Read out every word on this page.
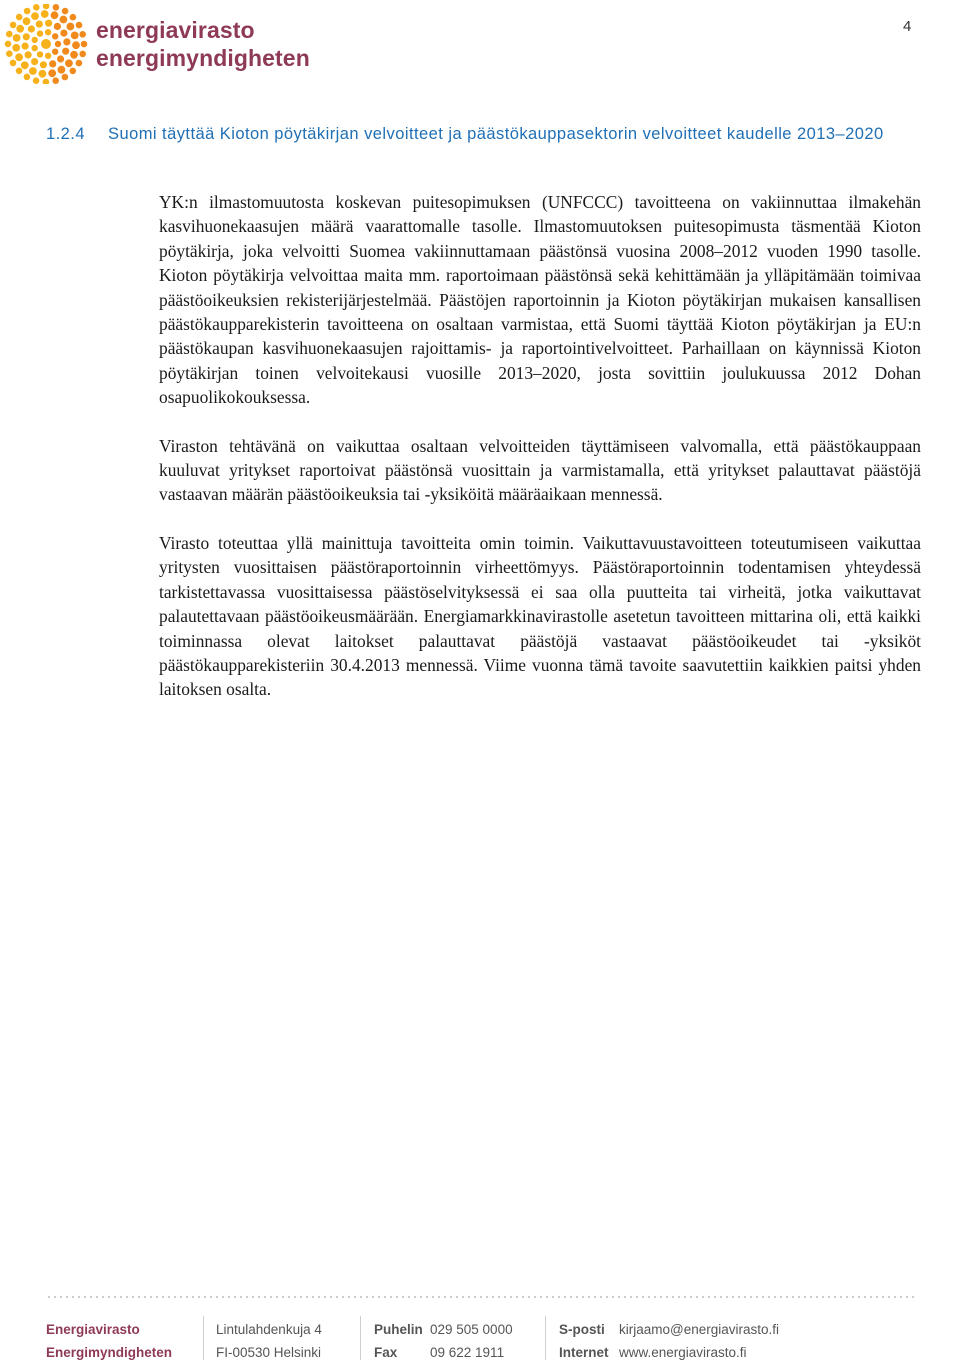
energiavirasto
energimyndigheten
4
1.2.4 Suomi täyttää Kioton pöytäkirjan velvoitteet ja päästökauppasektorin velvoitteet kaudelle 2013–2020

YK:n ilmastomuutosta koskevan puitesopimuksen (UNFCCC) tavoitteena on vakiinnuttaa ilmakehän kasvihuonekaasujen määrä vaarattomalle tasolle. Ilmastomuutoksen puitesopimusta täsmentää Kioton pöytäkirja, joka velvoitti Suomea vakiinnuttamaan päästönsä vuosina 2008–2012 vuoden 1990 tasolle. Kioton pöytäkirja velvoittaa maita mm. raportoimaan päästönsä sekä kehittämään ja ylläpitämään toimivaa päästöoikeuksien rekisterijärjestelmää. Päästöjen raportoinnin ja Kioton pöytäkirjan mukaisen kansallisen päästökaupparekisterin tavoitteena on osaltaan varmistaa, että Suomi täyttää Kioton pöytäkirjan ja EU:n päästökaupan kasvihuonekaasujen rajoittamis- ja raportointivelvoitteet. Parhaillaan on käynnissä Kioton pöytäkirjan toinen velvoitekausi vuosille 2013–2020, josta sovittiin joulukuussa 2012 Dohan osapuolikokouksessa.

Viraston tehtävänä on vaikuttaa osaltaan velvoitteiden täyttämiseen valvomalla, että päästökauppaan kuuluvat yritykset raportoivat päästönsä vuosittain ja varmistamalla, että yritykset palauttavat päästöjä vastaavan määrän päästöoikeuksia tai -yksiköitä määräaikaan mennessä.

Virasto toteuttaa yllä mainittuja tavoitteita omin toimin. Vaikuttavuustavoitteen toteutumiseen vaikuttaa yritysten vuosittaisen päästöraportoinnin virheettömyys. Päästöraportoinnin todentamisen yhteydessä tarkistettavassa vuosittaisessa päästöselvityksessä ei saa olla puutteita tai virheitä, jotka vaikuttavat palautettavaan päästöoikeusmäärään. Energiamarkkinavirastolle asetetun tavoitteen mittarina oli, että kaikki toiminnassa olevat laitokset palauttavat päästöjä vastaavat päästöoikeudet tai -yksiköt päästökaupparekisteriin 30.4.2013 mennessä. Viime vuonna tämä tavoite saavutettiin kaikkien paitsi yhden laitoksen osalta.

Energiavirasto
Energimyndigheten
Lintulahdenkuja 4
FI-00530 Helsinki
Puhelin
Fax
029 505 0000
09 622 1911
S-posti
Internet
kirjaamo@energiavirasto.fi
www.energiavirasto.fi
